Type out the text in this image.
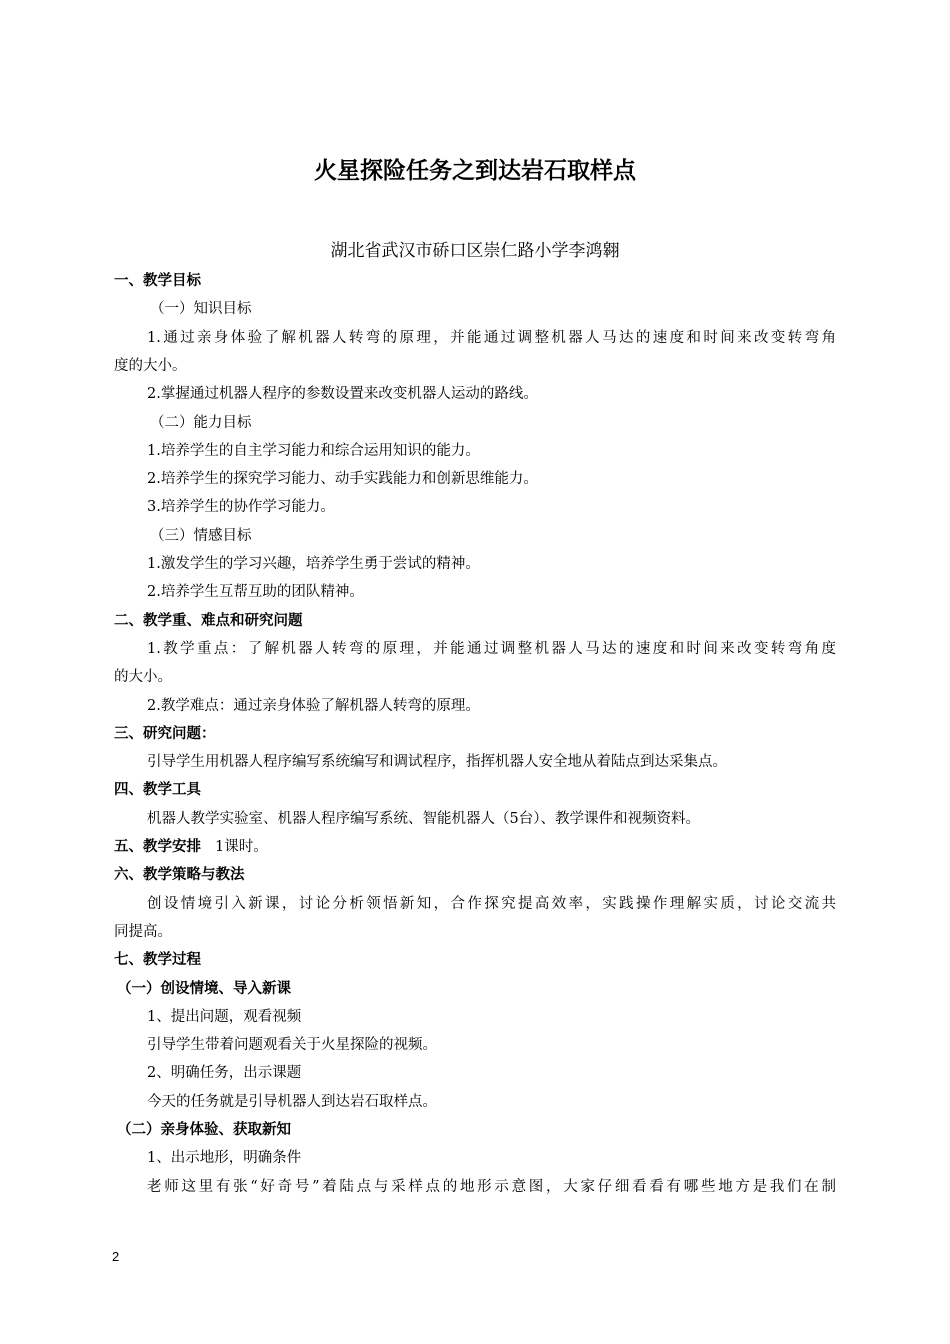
火星探险任务之到达岩石取样点
湖北省武汉市硚口区崇仁路小学李鸿翱
一、教学目标
（一）知识目标
1.通过亲身体验了解机器人转弯的原理，并能通过调整机器人马达的速度和时间来改变转弯角
度的大小。
2.掌握通过机器人程序的参数设置来改变机器人运动的路线。
（二）能力目标
1.培养学生的自主学习能力和综合运用知识的能力。
2.培养学生的探究学习能力、动手实践能力和创新思维能力。
3.培养学生的协作学习能力。
（三）情感目标
1.激发学生的学习兴趣，培养学生勇于尝试的精神。
2.培养学生互帮互助的团队精神。
二、教学重、难点和研究问题
1.教学重点：了解机器人转弯的原理，并能通过调整机器人马达的速度和时间来改变转弯角度
的大小。
2.教学难点：通过亲身体验了解机器人转弯的原理。
三、研究问题：
引导学生用机器人程序编写系统编写和调试程序，指挥机器人安全地从着陆点到达采集点。
四、教学工具
机器人教学实验室、机器人程序编写系统、智能机器人（5台）、教学课件和视频资料。
五、教学安排 1课时。
六、教学策略与教法
创设情境引入新课，讨论分析领悟新知，合作探究提高效率，实践操作理解实质，讨论交流共
同提高。
七、教学过程
（一）创设情境、导入新课
1、提出问题，观看视频
引导学生带着问题观看关于火星探险的视频。
2、明确任务，出示课题
今天的任务就是引导机器人到达岩石取样点。
（二）亲身体验、获取新知
1、出示地形，明确条件
老师这里有张“好奇号”着陆点与采样点的地形示意图，大家仔细看看有哪些地方是我们在制
2
